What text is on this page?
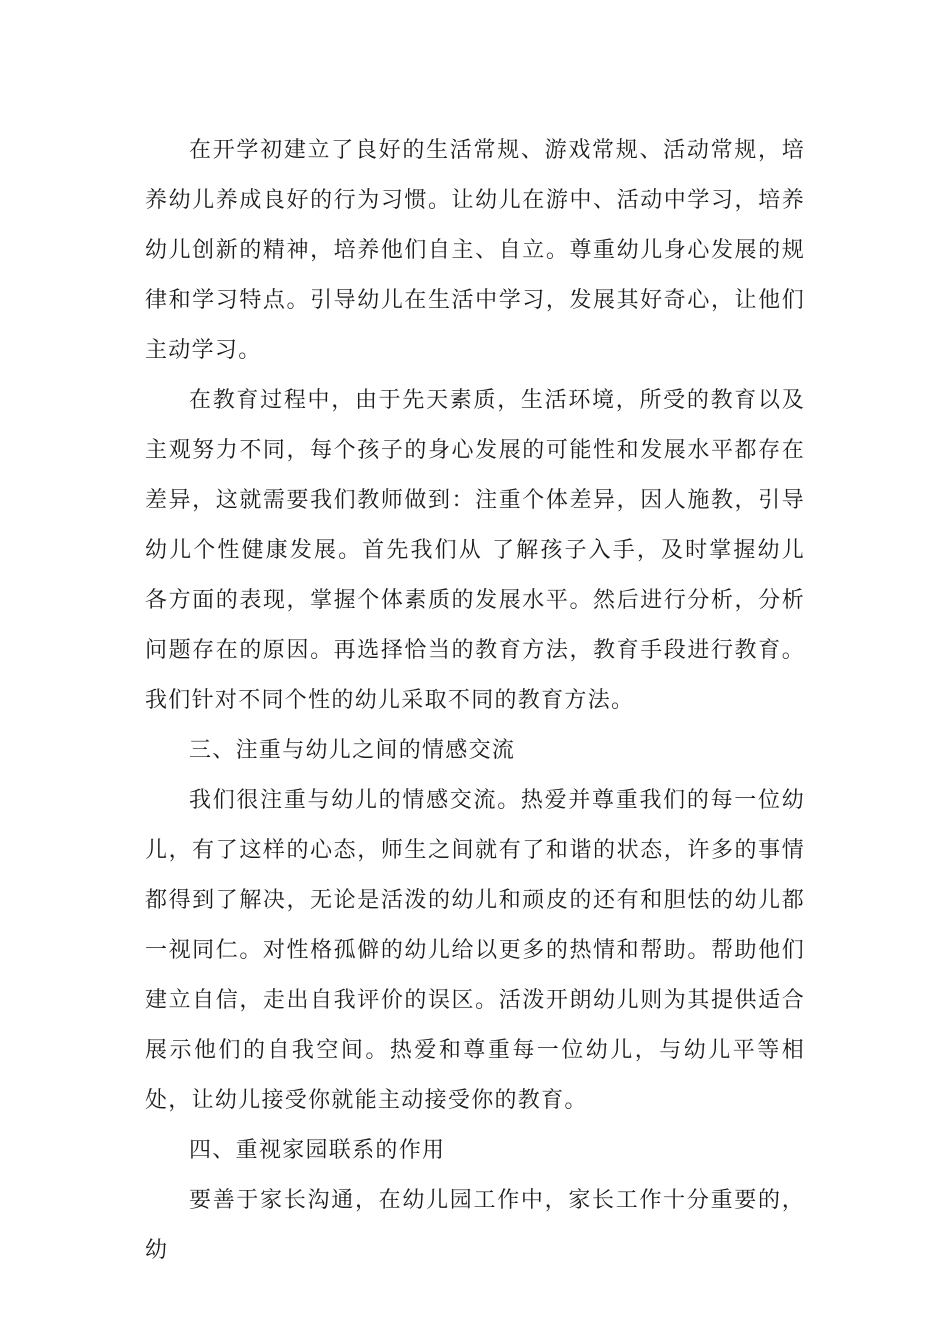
在开学初建立了良好的生活常规、游戏常规、活动常规，培养幼儿养成良好的行为习惯。让幼儿在游中、活动中学习，培养幼儿创新的精神，培养他们自主、自立。尊重幼儿身心发展的规律和学习特点。引导幼儿在生活中学习，发展其好奇心，让他们主动学习。

在教育过程中，由于先天素质，生活环境，所受的教育以及主观努力不同，每个孩子的身心发展的可能性和发展水平都存在差异，这就需要我们教师做到：注重个体差异，因人施教，引导幼儿个性健康发展。首先我们从 了解孩子入手，及时掌握幼儿各方面的表现，掌握个体素质的发展水平。然后进行分析，分析问题存在的原因。再选择恰当的教育方法，教育手段进行教育。我们针对不同个性的幼儿采取不同的教育方法。

三、注重与幼儿之间的情感交流

我们很注重与幼儿的情感交流。热爱并尊重我们的每一位幼儿，有了这样的心态，师生之间就有了和谐的状态，许多的事情都得到了解决，无论是活泼的幼儿和顽皮的还有和胆怯的幼儿都一视同仁。对性格孤僻的幼儿给以更多的热情和帮助。帮助他们建立自信，走出自我评价的误区。活泼开朗幼儿则为其提供适合展示他们的自我空间。热爱和尊重每一位幼儿，与幼儿平等相处，让幼儿接受你就能主动接受你的教育。

四、重视家园联系的作用

要善于家长沟通，在幼儿园工作中，家长工作十分重要的，幼
